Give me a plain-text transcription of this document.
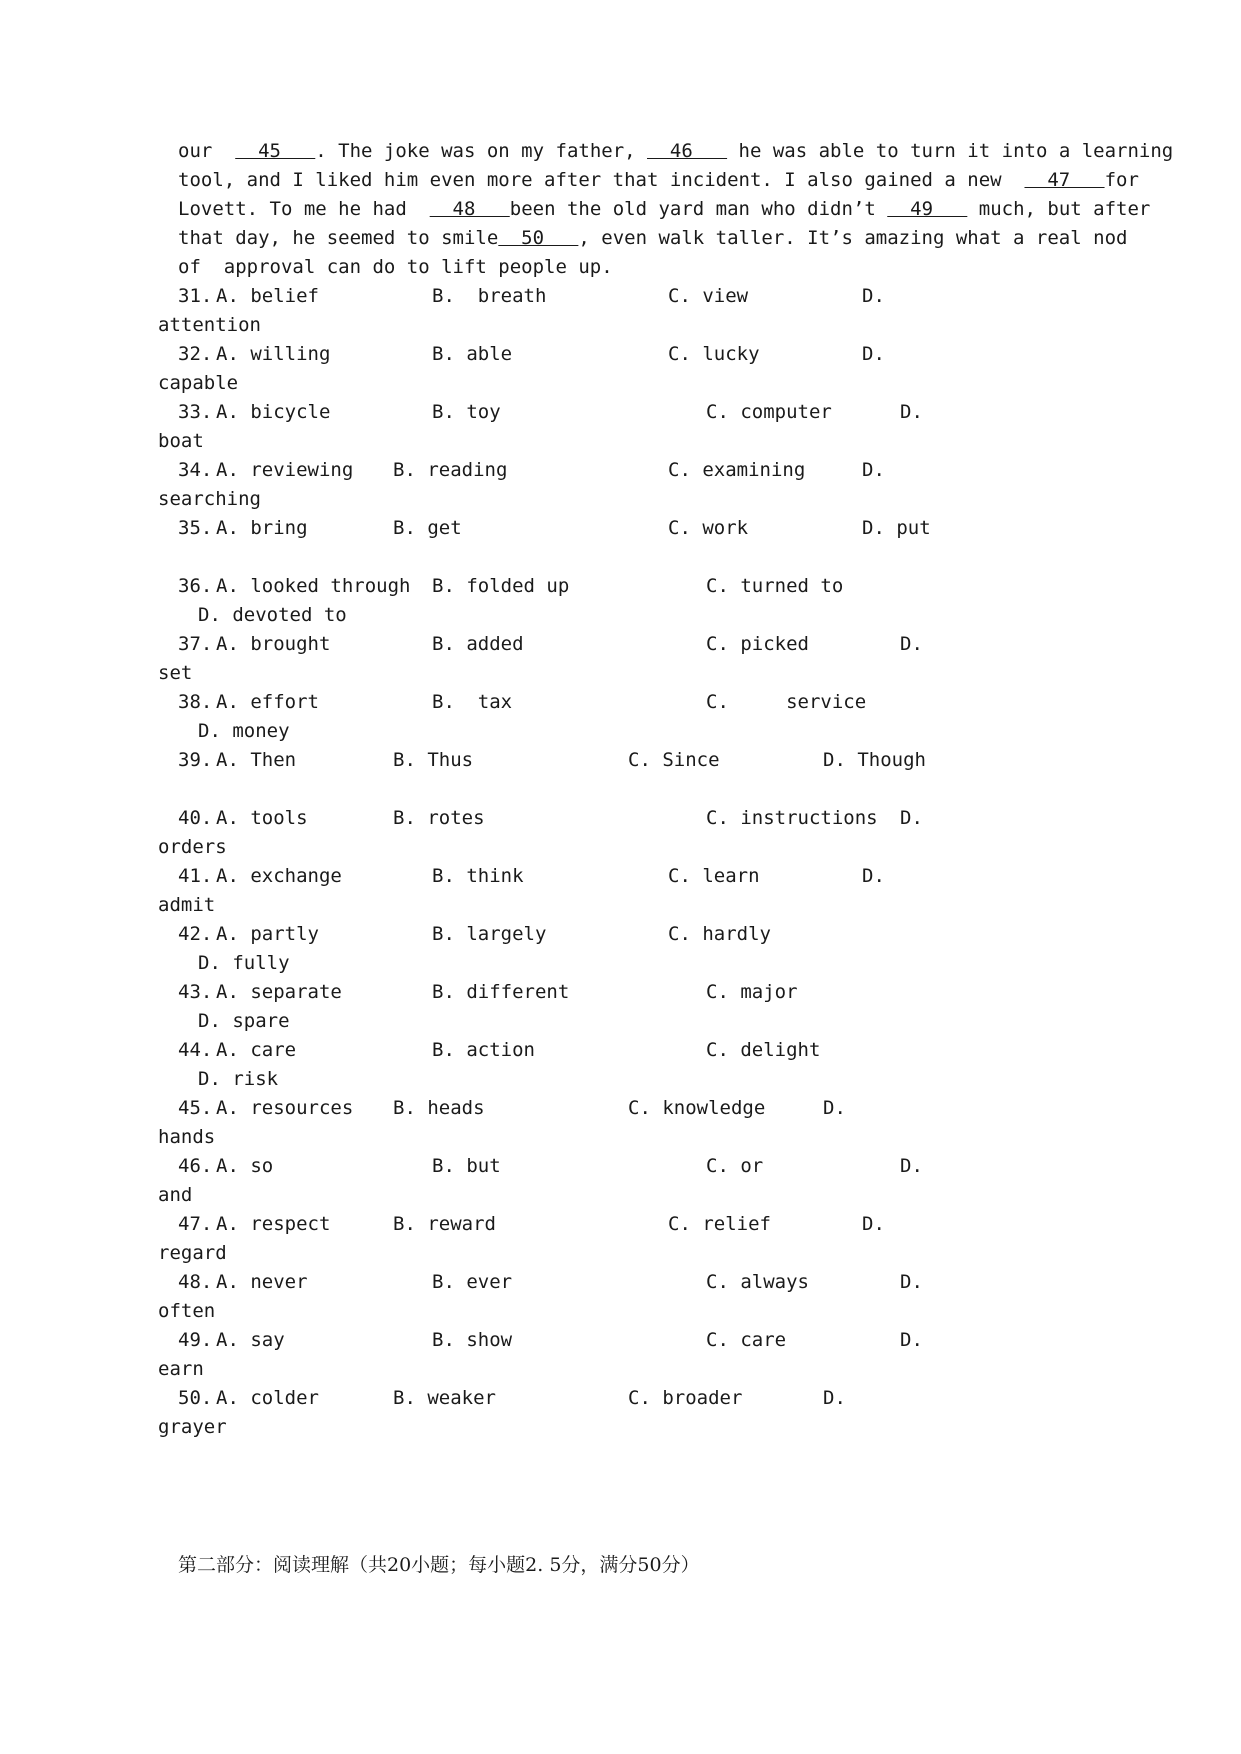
our    45   . The joke was on my father,   46    he was able to turn it into a learning
tool, and I liked him even more after that incident. I also gained a new    47   for
Lovett. To me he had    48   been the old yard man who didn’t   49    much, but after
that day, he seemed to smile  50   , even walk taller. It’s amazing what a real nod
of  approval can do to lift people up.
31. A. belief	B.  breath	C. view	D.
attention
32. A. willing	B. able	C. lucky	D.
capable
33. A. bicycle	B. toy	C. computer	D.
boat
34. A. reviewing B. reading	C. examining	D.
searching
35. A. bring	B. get	C. work	D. put
36. A. looked through B. folded up	C. turned to
D. devoted to
37. A. brought	B. added	C. picked	D.
set
38. A. effort	B.  tax	C.     service
D. money
39. A. Then	B. Thus	C. Since	D. Though
40. A. tools	B. rotes	C. instructions D.
orders
41. A. exchange	B. think	C. learn	D.
admit
42. A. partly	B. largely	C. hardly
D. fully
43. A. separate	B. different	C. major
D. spare
44. A. care	B. action	C. delight
D. risk
45. A. resources B. heads	C. knowledge	D.
hands
46. A. so	B. but	C. or	D.
and
47. A. respect	B. reward	C. relief	D.
regard
48. A. never	B. ever	C. always	D.
often
49. A. say	B. show	C. care	D.
earn
50. A. colder	B. weaker	C. broader	D.
grayer
第二部分：阅读理解（共20小题；每小题2. 5分，满分50分）
